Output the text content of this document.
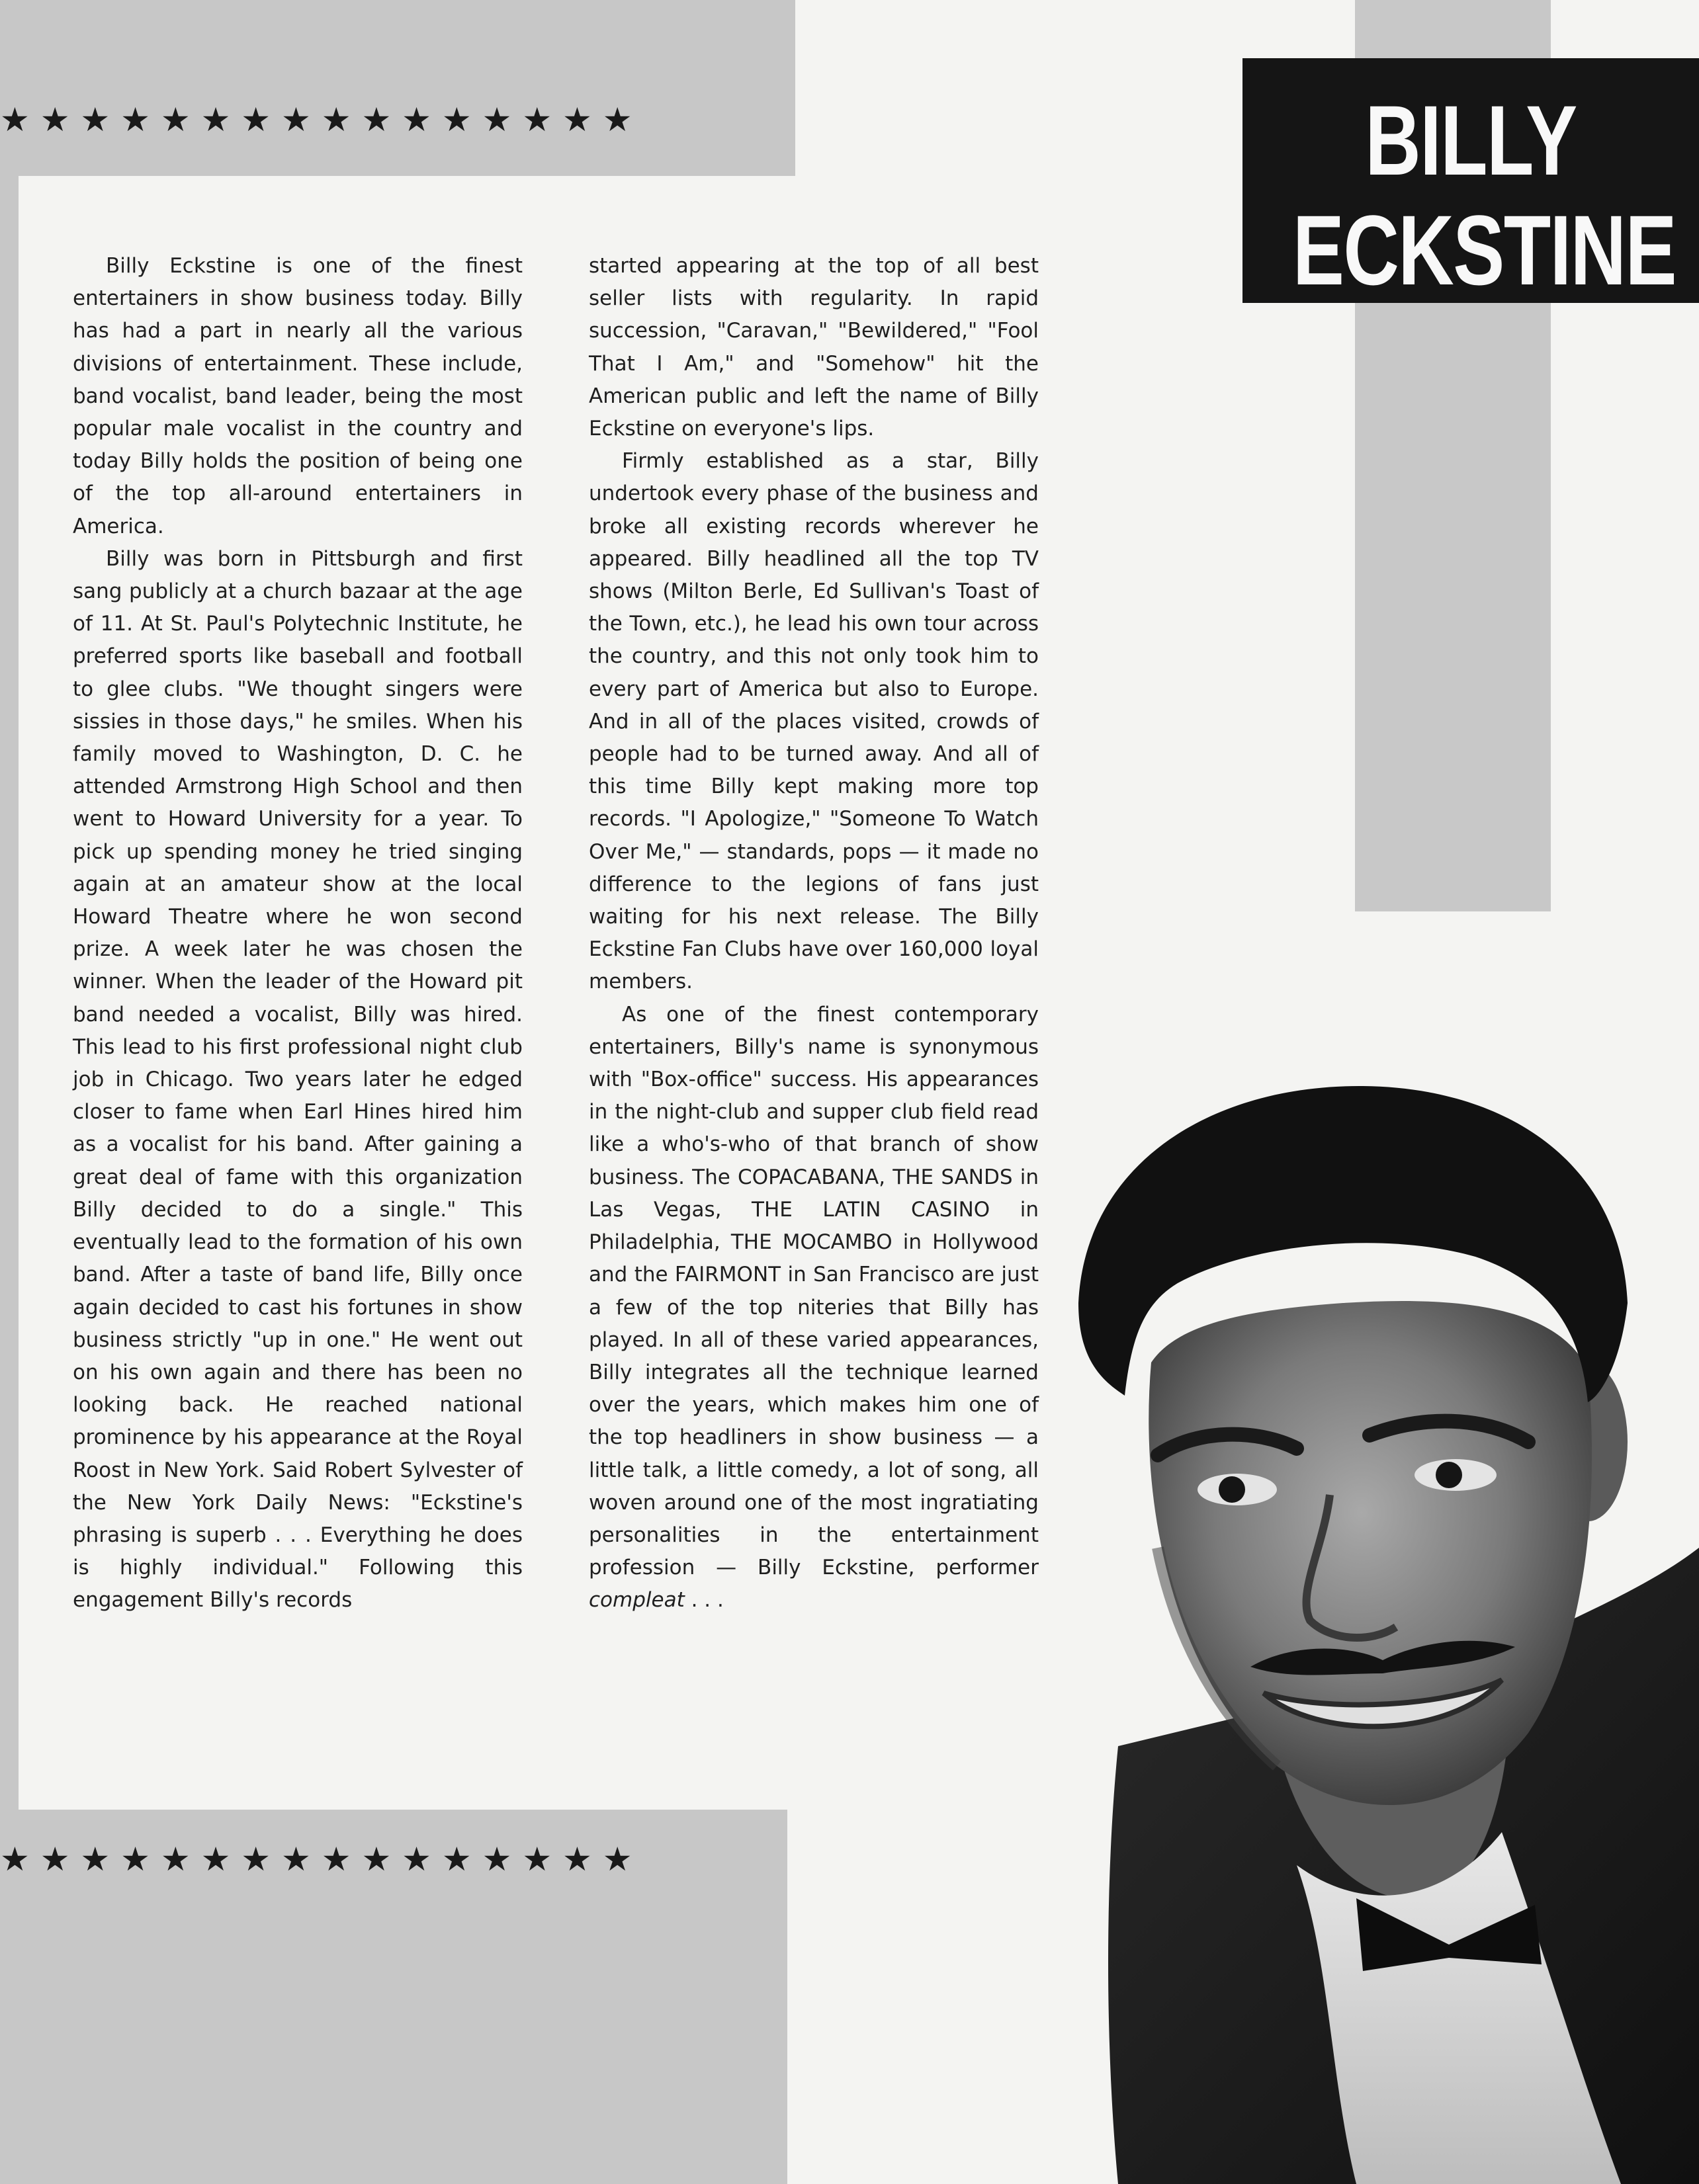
★ ★ ★ ★ ★ ★ ★ ★ ★ ★ ★ ★ ★ ★ ★ ★
★ ★ ★ ★ ★ ★ ★ ★ ★ ★ ★ ★ ★ ★ ★ ★
BILLY
ECKSTINE

Billy Eckstine is one of the finest entertainers in show business today. Billy has had a part in nearly all the various divisions of entertainment. These include, band vocalist, band leader, being the most popular male vocalist in the country and today Billy holds the position of being one of the top all-around entertainers in America.

Billy was born in Pittsburgh and first sang publicly at a church bazaar at the age of 11. At St. Paul's Polytechnic Institute, he preferred sports like baseball and football to glee clubs. "We thought singers were sissies in those days," he smiles. When his family moved to Washington, D. C. he attended Armstrong High School and then went to Howard University for a year. To pick up spending money he tried singing again at an amateur show at the local Howard Theatre where he won second prize. A week later he was chosen the winner. When the leader of the Howard pit band needed a vocalist, Billy was hired. This lead to his first professional night club job in Chicago. Two years later he edged closer to fame when Earl Hines hired him as a vocalist for his band. After gaining a great deal of fame with this organization Billy decided to do a single." This eventually lead to the formation of his own band. After a taste of band life, Billy once again decided to cast his fortunes in show business strictly "up in one." He went out on his own again and there has been no looking back. He reached national prominence by his appearance at the Royal Roost in New York. Said Robert Sylvester of the New York Daily News: "Eckstine's phrasing is superb . . . Everything he does is highly individual." Following this engagement Billy's records

started appearing at the top of all best seller lists with regularity. In rapid succession, "Caravan," "Bewildered," "Fool That I Am," and "Somehow" hit the American public and left the name of Billy Eckstine on everyone's lips.

Firmly established as a star, Billy undertook every phase of the business and broke all existing records wherever he appeared. Billy headlined all the top TV shows (Milton Berle, Ed Sullivan's Toast of the Town, etc.), he lead his own tour across the country, and this not only took him to every part of America but also to Europe. And in all of the places visited, crowds of people had to be turned away. And all of this time Billy kept making more top records. "I Apologize," "Someone To Watch Over Me," — standards, pops — it made no difference to the legions of fans just waiting for his next release. The Billy Eckstine Fan Clubs have over 160,000 loyal members.

As one of the finest contemporary entertainers, Billy's name is synonymous with "Box-office" success. His appearances in the night-club and supper club field read like a who's-who of that branch of show business. The COPACABANA, THE SANDS in Las Vegas, THE LATIN CASINO in Philadelphia, THE MOCAMBO in Hollywood and the FAIRMONT in San Francisco are just a few of the top niteries that Billy has played. In all of these varied appearances, Billy integrates all the technique learned over the years, which makes him one of the top headliners in show business — a little talk, a little comedy, a lot of song, all woven around one of the most ingratiating personalities in the entertainment profession — Billy Eckstine, performer compleat . . .
